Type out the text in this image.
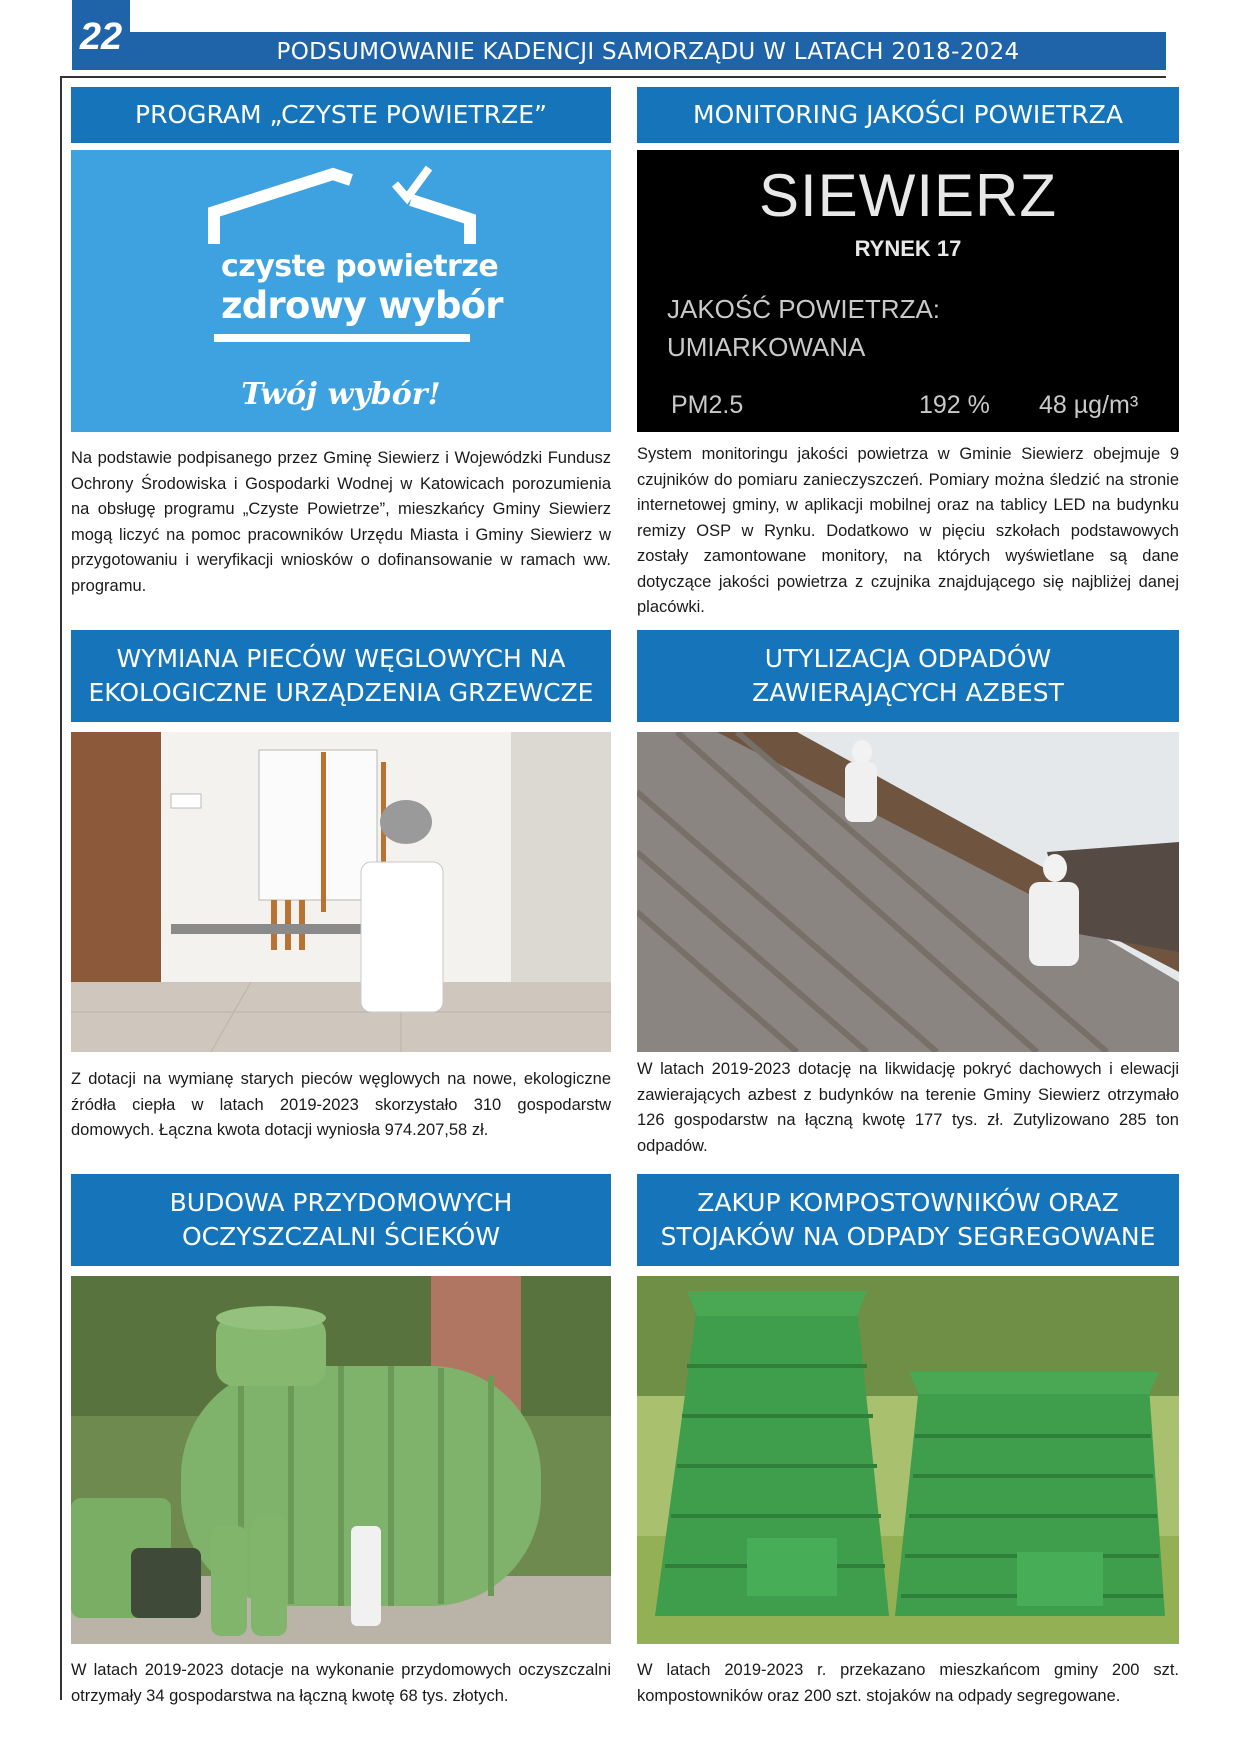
22	PODSUMOWANIE KADENCJI SAMORZĄDU W LATACH 2018-2024
PROGRAM „CZYSTE POWIETRZE”
czyste powietrze
zdrowy wybór
Twój wybór!
Na podstawie podpisanego przez Gminę Siewierz i Wojewódzki Fundusz Ochrony Środowiska i Gospodarki Wodnej w Katowicach porozumienia na obsługę programu „Czyste Powietrze”, mieszkańcy Gminy Siewierz mogą liczyć na pomoc pracowników Urzędu Miasta i Gminy Siewierz w przygotowaniu i weryfikacji wniosków o dofinansowanie w ramach ww. programu.
MONITORING JAKOŚCI POWIETRZA
SIEWIERZ
RYNEK 17
JAKOŚĆ POWIETRZA:
UMIARKOWANA
PM2.5	192 % 48 µg/m³
System monitoringu jakości powietrza w Gminie Siewierz obejmuje 9 czujników do pomiaru zanieczyszczeń. Pomiary można śledzić na stronie internetowej gminy, w aplikacji mobilnej oraz na tablicy LED na budynku remizy OSP w Rynku. Dodatkowo w pięciu szkołach podstawowych zostały zamontowane monitory, na których wyświetlane są dane dotyczące jakości powietrza z czujnika znajdującego się najbliżej danej placówki.
WYMIANA PIECÓW WĘGLOWYCH NA
EKOLOGICZNE URZĄDZENIA GRZEWCZE
Z dotacji na wymianę starych pieców węglowych na nowe, ekologiczne źródła ciepła w latach 2019-2023 skorzystało 310 gospodarstw domowych. Łączna kwota dotacji wyniosła 974.207,58 zł.
UTYLIZACJA ODPADÓW
ZAWIERAJĄCYCH AZBEST
W latach 2019-2023 dotację na likwidację pokryć dachowych i elewacji zawierających azbest z budynków na terenie Gminy Siewierz otrzymało 126 gospodarstw na łączną kwotę 177 tys. zł. Zutylizowano 285 ton odpadów.
BUDOWA PRZYDOMOWYCH
OCZYSZCZALNI ŚCIEKÓW
W latach 2019-2023 dotacje na wykonanie przydomowych oczyszczalni otrzymały 34 gospodarstwa na łączną kwotę 68 tys. złotych.
ZAKUP KOMPOSTOWNIKÓW ORAZ
STOJAKÓW NA ODPADY SEGREGOWANE
W latach 2019-2023 r. przekazano mieszkańcom gminy 200 szt. kompostowników oraz 200 szt. stojaków na odpady segregowane.
